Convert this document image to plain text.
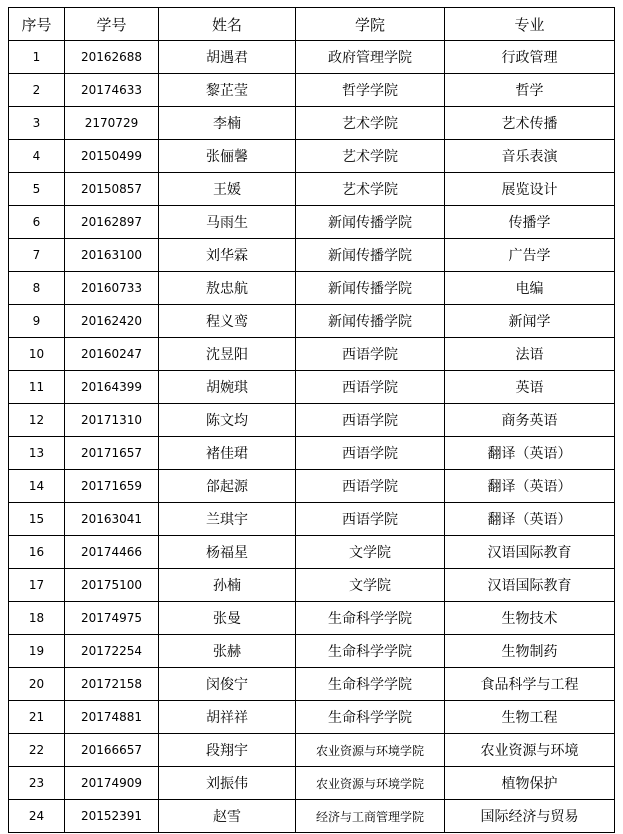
序号	学号	姓名	学院	专业
1	20162688	胡遇君	政府管理学院	行政管理
2	20174633	黎芷莹	哲学学院	哲学
3	2170729	李楠	艺术学院	艺术传播
4	20150499	张俪馨	艺术学院	音乐表演
5	20150857	王媛	艺术学院	展览设计
6	20162897	马雨生	新闻传播学院	传播学
7	20163100	刘华霖	新闻传播学院	广告学
8	20160733	敖忠航	新闻传播学院	电编
9	20162420	程义鸾	新闻传播学院	新闻学
10	20160247	沈昱阳	西语学院	法语
11	20164399	胡婉琪	西语学院	英语
12	20171310	陈文均	西语学院	商务英语
13	20171657	褚佳珺	西语学院	翻译（英语）
14	20171659	郃起源	西语学院	翻译（英语）
15	20163041	兰琪宇	西语学院	翻译（英语）
16	20174466	杨福星	文学院	汉语国际教育
17	20175100	孙楠	文学院	汉语国际教育
18	20174975	张曼	生命科学学院	生物技术
19	20172254	张赫	生命科学学院	生物制药
20	20172158	闵俊宁	生命科学学院	食品科学与工程
21	20174881	胡祥祥	生命科学学院	生物工程
22	20166657	段翔宇	农业资源与环境学院	农业资源与环境
23	20174909	刘振伟	农业资源与环境学院	植物保护
24	20152391	赵雪	经济与工商管理学院	国际经济与贸易
